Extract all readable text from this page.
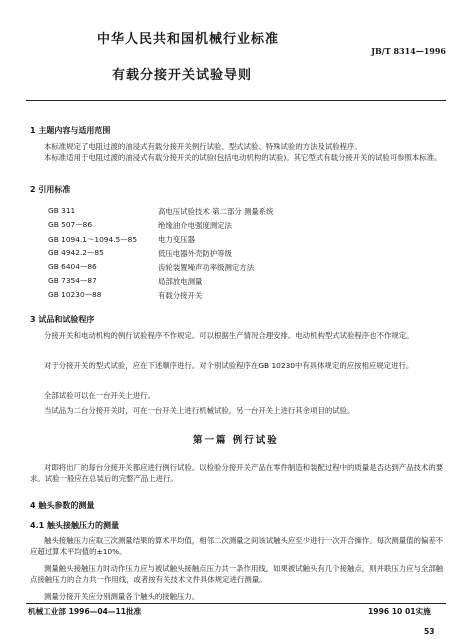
中华人民共和国机械行业标准
JB/T 8314—1996
有载分接开关试验导则
1 主题内容与适用范围
本标准规定了电阻过渡的油浸式有载分接开关例行试验、型式试验、特殊试验的方法及试验程序。
本标准适用于电阻过渡的油浸式有载分接开关的试验(包括电动机构的试验)。其它型式有载分接开关的试验可参照本标准。
2 引用标准
GB 311	高电压试验技术 第二部分 测量系统
GB 507—86	绝缘油介电强度测定法
GB 1094.1～1094.5—85	电力变压器
GB 4942.2—85	低压电器外壳防护等级
GB 6404—86	齿轮装置噪声功率级测定方法
GB 7354—87	局部放电测量
GB 10230—88	有载分接开关
3 试品和试验程序
分接开关和电动机构的例行试验程序不作规定。可以根据生产情况合理安排。电动机构型式试验程序也不作规定。
对于分接开关的型式试验，应在下述顺序进行。对个别试验程序在GB 10230中有具体规定的应按相应规定进行。
全部试验可以在一台开关上进行。
当试品为二台分接开关时，可在一台开关上进行机械试验，另一台开关上进行其余项目的试验。
第一篇 例行试验
对即将出厂的每台分接开关都应进行例行试验。以检验分接开关产品在零件制造和装配过程中的质量是否达到产品技术的要求。试验一般应在总装后的完整产品上进行。
4 触头参数的测量
4.1 触头接触压力的测量
触头接触压力应取三次测量结果的算术平均值，相邻二次测量之间该试触头应至少进行一次开合操作。每次测量值的偏差不应超过算术平均值的±10%。
测量触头接触压力时动作压力应与被试触头接触点压力共一条作用线，如果被试触头有几个接触点，则并联压力应与全部触点接触压力的合力共一作用线，或者按有关技术文件具体规定进行测量。
测量分接开关应分别测量各个触头的接触压力。
机械工业部 1996—04—11批准	1996 10 01实施
53
